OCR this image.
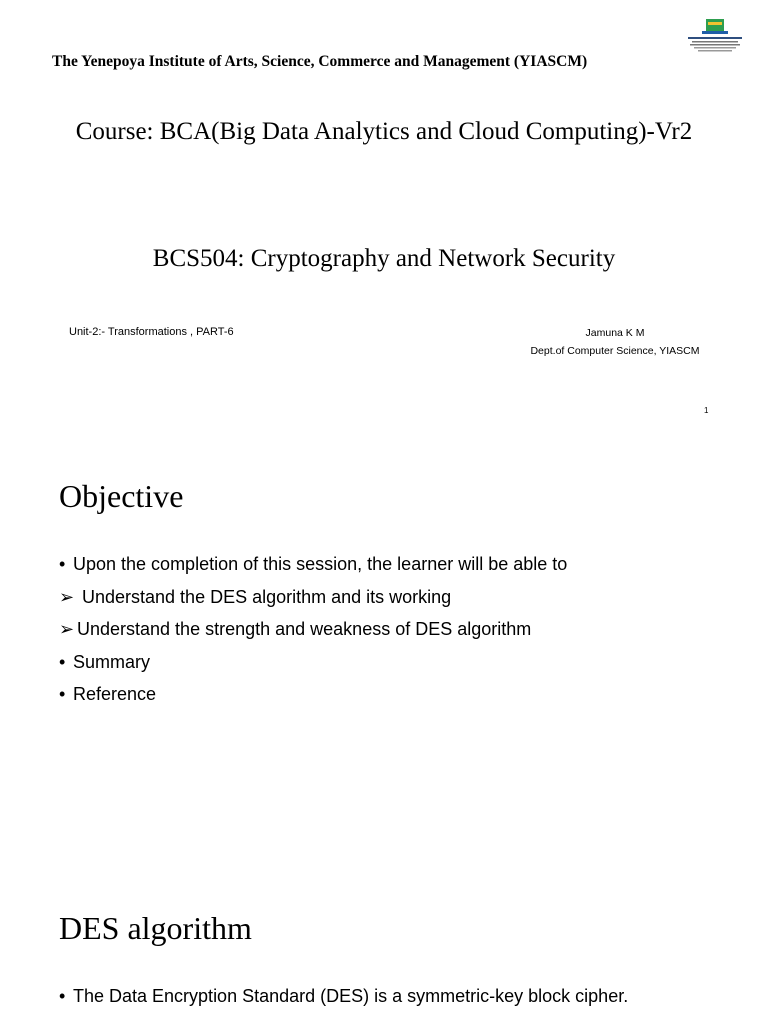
The Yenepoya Institute of Arts, Science, Commerce and Management (YIASCM)
Course: BCA(Big Data Analytics and Cloud Computing)-Vr2
BCS504: Cryptography and Network Security
Unit-2:- Transformations , PART-6	Jamuna K M
Dept.of Computer Science, YIASCM
1
Objective
• Upon the completion of this session, the learner will be able to
➢ Understand the DES algorithm and its working
➢ Understand the strength and weakness of DES algorithm
• Summary
• Reference
DES algorithm
• The Data Encryption Standard (DES) is a symmetric-key block cipher.
